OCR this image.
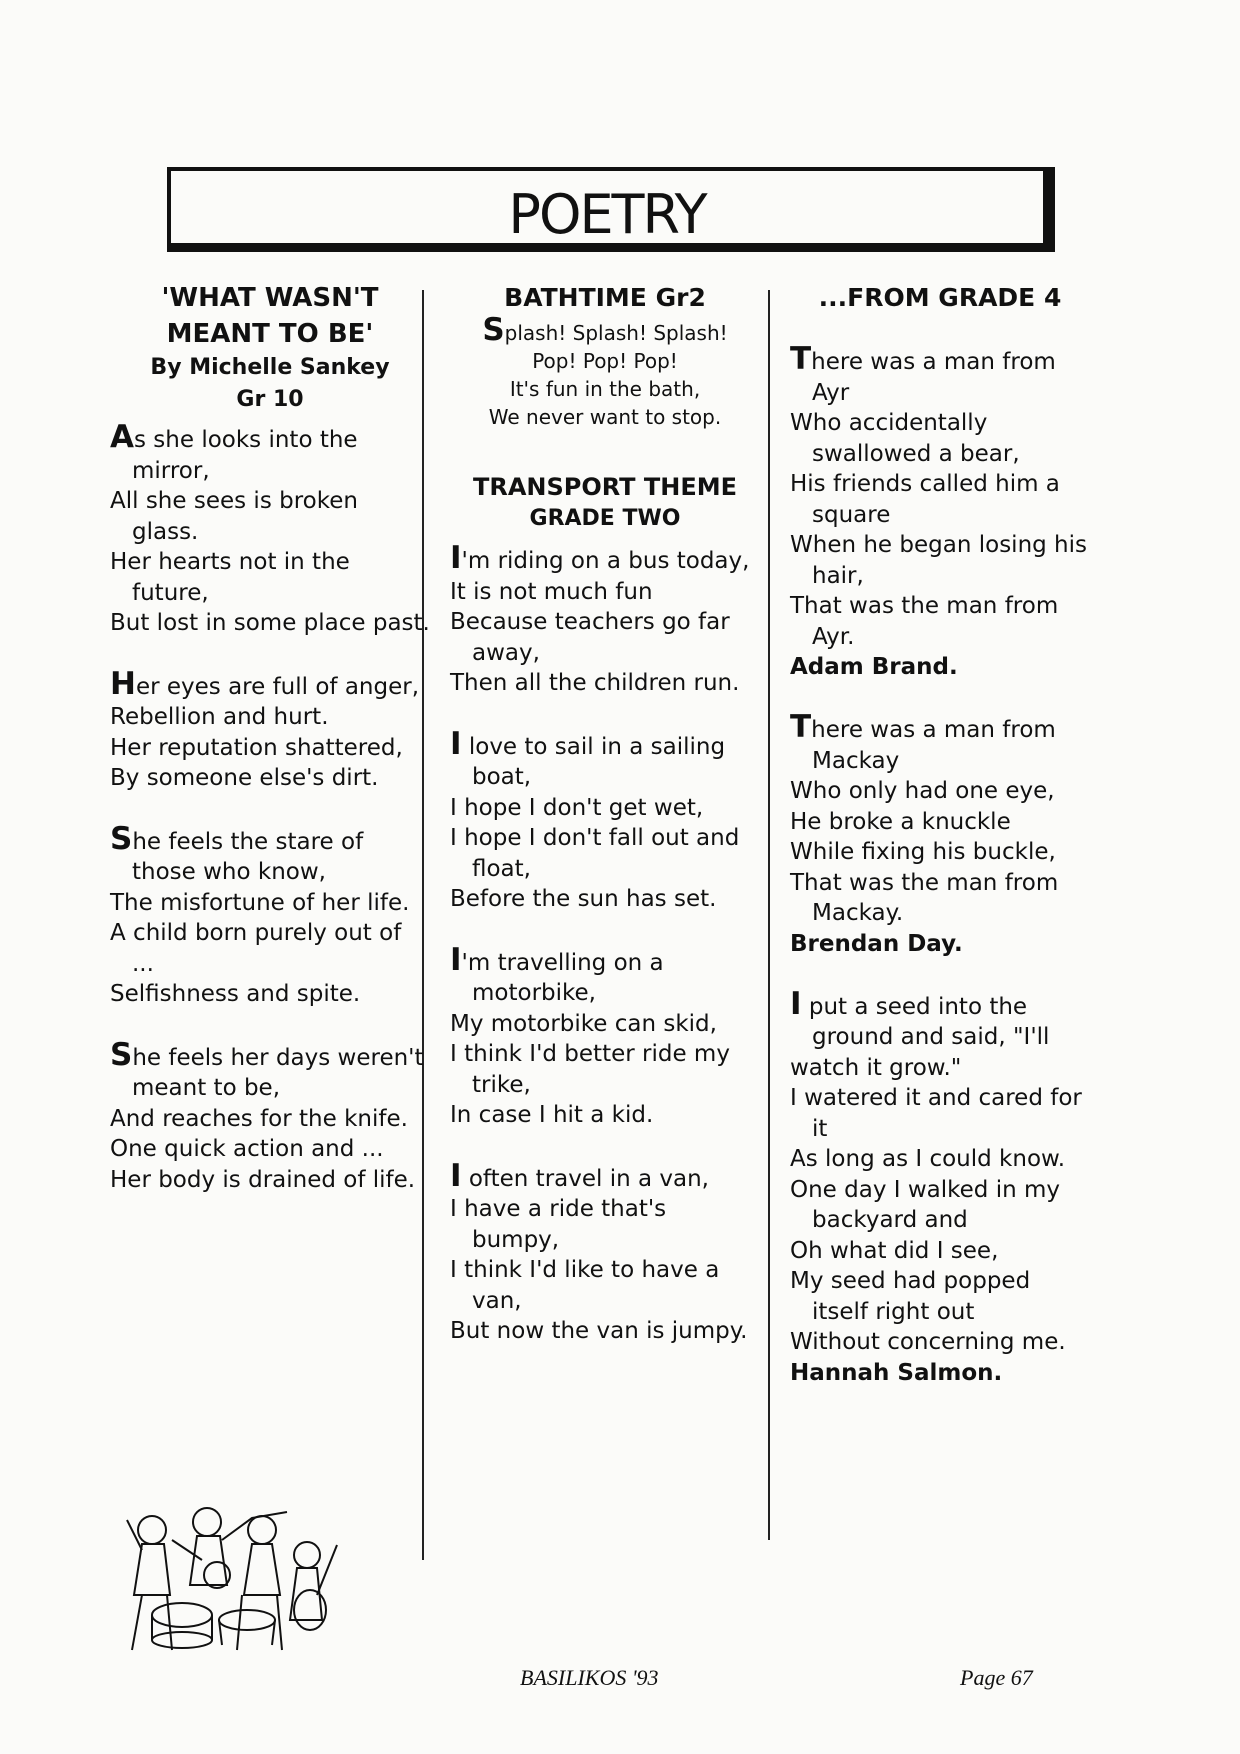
POETRY

'WHAT WASN'T

MEANT TO BE'

By Michelle Sankey

Gr 10

As she looks into the mirror,
All she sees is broken glass.
Her hearts not in the future,
But lost in some place past.
Her eyes are full of anger,
Rebellion and hurt.
Her reputation shattered,
By someone else's dirt.
She feels the stare of those who know,
The misfortune of her life.
A child born purely out of ...
Selfishness and spite.
She feels her days weren't meant to be,
And reaches for the knife.
One quick action and ...
Her body is drained of life.

BATHTIME Gr2

Splash! Splash! Splash!
Pop! Pop! Pop!
It's fun in the bath,
We never want to stop.

TRANSPORT THEME

GRADE TWO

I'm riding on a bus today,
It is not much fun
Because teachers go far away,
Then all the children run.
I love to sail in a sailing boat,
I hope I don't get wet,
I hope I don't fall out and float,
Before the sun has set.
I'm travelling on a motorbike,
My motorbike can skid,
I think I'd better ride my trike,
In case I hit a kid.
I often travel in a van,
I have a ride that's bumpy,
I think I'd like to have a van,
But now the van is jumpy.

...FROM GRADE 4

There was a man from Ayr
Who accidentally swallowed a bear,
His friends called him a square
When he began losing his hair,
That was the man from Ayr.

Adam Brand.

There was a man from Mackay
Who only had one eye,
He broke a knuckle
While fixing his buckle,
That was the man from Mackay.

Brendan Day.

I put a seed into the ground and said, "I'll
watch it grow."
I watered it and cared for it
As long as I could know.
One day I walked in my backyard and
Oh what did I see,
My seed had popped itself right out
Without concerning me.

Hannah Salmon.

BASILIKOS '93	Page 67
